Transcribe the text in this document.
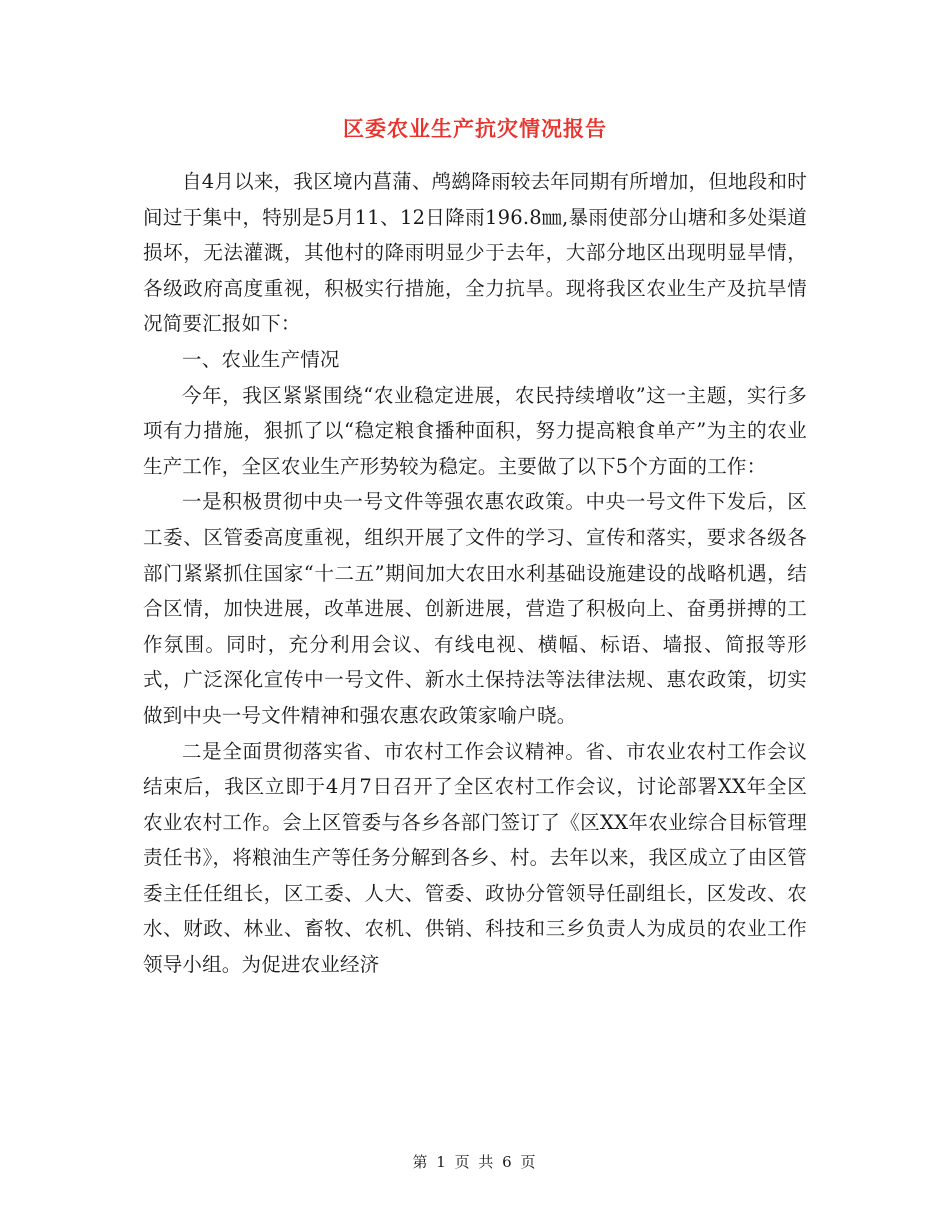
区委农业生产抗灾情况报告

自4月以来，我区境内菖蒲、鸬鹚降雨较去年同期有所增加，但地段和时间过于集中，特别是5月11、12日降雨196.8㎜,暴雨使部分山塘和多处渠道损坏，无法灌溉，其他村的降雨明显少于去年，大部分地区出现明显旱情，各级政府高度重视，积极实行措施，全力抗旱。现将我区农业生产及抗旱情况简要汇报如下：

一、农业生产情况

今年，我区紧紧围绕“农业稳定进展，农民持续增收”这一主题，实行多项有力措施，狠抓了以“稳定粮食播种面积，努力提高粮食单产”为主的农业生产工作，全区农业生产形势较为稳定。主要做了以下5个方面的工作：

一是积极贯彻中央一号文件等强农惠农政策。中央一号文件下发后，区工委、区管委高度重视，组织开展了文件的学习、宣传和落实，要求各级各部门紧紧抓住国家“十二五”期间加大农田水利基础设施建设的战略机遇，结合区情，加快进展，改革进展、创新进展，营造了积极向上、奋勇拼搏的工作氛围。同时，充分利用会议、有线电视、横幅、标语、墙报、简报等形式，广泛深化宣传中一号文件、新水土保持法等法律法规、惠农政策，切实做到中央一号文件精神和强农惠农政策家喻户晓。

二是全面贯彻落实省、市农村工作会议精神。省、市农业农村工作会议结束后，我区立即于4月7日召开了全区农村工作会议，讨论部署XX年全区农业农村工作。会上区管委与各乡各部门签订了《区XX年农业综合目标管理责任书》，将粮油生产等任务分解到各乡、村。去年以来，我区成立了由区管委主任任组长，区工委、人大、管委、政协分管领导任副组长，区发改、农水、财政、林业、畜牧、农机、供销、科技和三乡负责人为成员的农业工作领导小组。为促进农业经济

第 1 页 共 6 页
